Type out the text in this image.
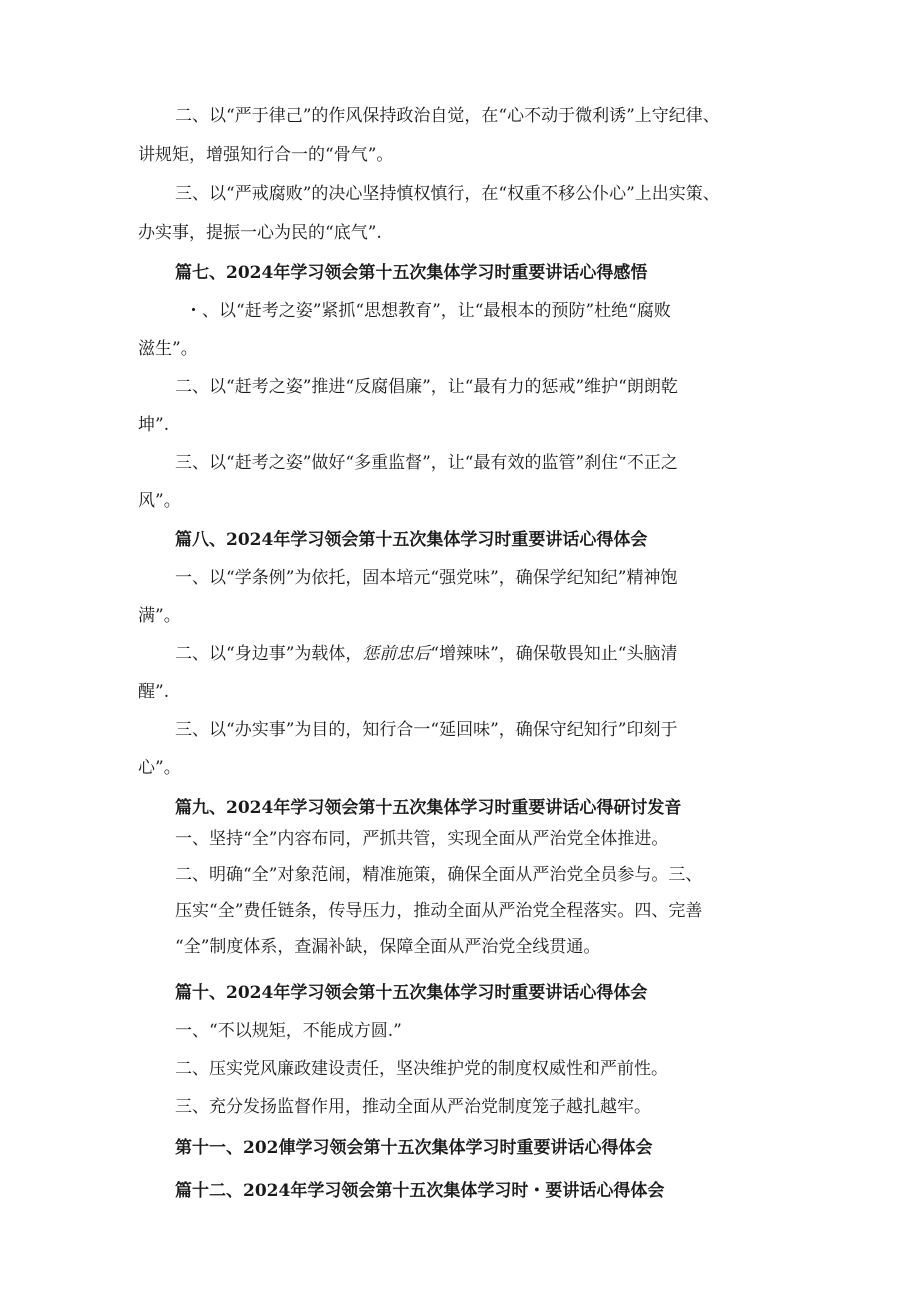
二、以“严于律己”的作风保持政治自觉，在“心不动于微利诱”上守纪律、
讲规矩，增强知行合一的“骨气”。
三、以“严戒腐败”的决心坚持慎权慎行，在“权重不移公仆心”上出实策、
办实事，提振一心为民的“底气”.
篇七、2024年学习领会第十五次集体学习时重要讲话心得感悟
・、以“赶考之姿”紧抓“思想教育”，让“最根本的预防”杜绝“腐败
滋生”。
二、以“赶考之姿”推进“反腐倡廉”，让“最有力的惩戒”维护“朗朗乾
坤”.
三、以“赶考之姿”做好“多重监督”，让“最有效的监管”刹住“不正之
风”。
篇八、2024年学习领会第十五次集体学习时重要讲话心得体会
一、以“学条例”为依托，固本培元“强党味”，确保学纪知纪”精神饱
满”。
二、以“身边事”为载体，惩前忠后“增辣味”，确保敬畏知止“头脑清
醒”.
三、以“办实事”为目的，知行合一“延回味”，确保守纪知行”印刻于
心”。
篇九、2024年学习领会第十五次集体学习时重要讲话心得研讨发音
一、坚持“全”内容布同，严抓共管，实现全面从严治党全体推进。
二、明确“全”对象范闹，精准施策，确保全面从严治党全员参与。三、
压实“全”费任链条，传导压力，推动全面从严治党全程落实。四、完善
“全”制度体系，查漏补缺，保障全面从严治党全线贯通。
篇十、2024年学习领会第十五次集体学习时重要讲话心得体会
一、“不以规矩，不能成方圆.”
二、压实党风廉政建设责任，坚决维护党的制度权威性和严前性。
三、充分发扬监督作用，推动全面从严治党制度笼子越扎越牢。
第十一、202俥学习领会第十五次集体学习时重要讲话心得体会
篇十二、2024年学习领会第十五次集体学习时・要讲话心得体会
